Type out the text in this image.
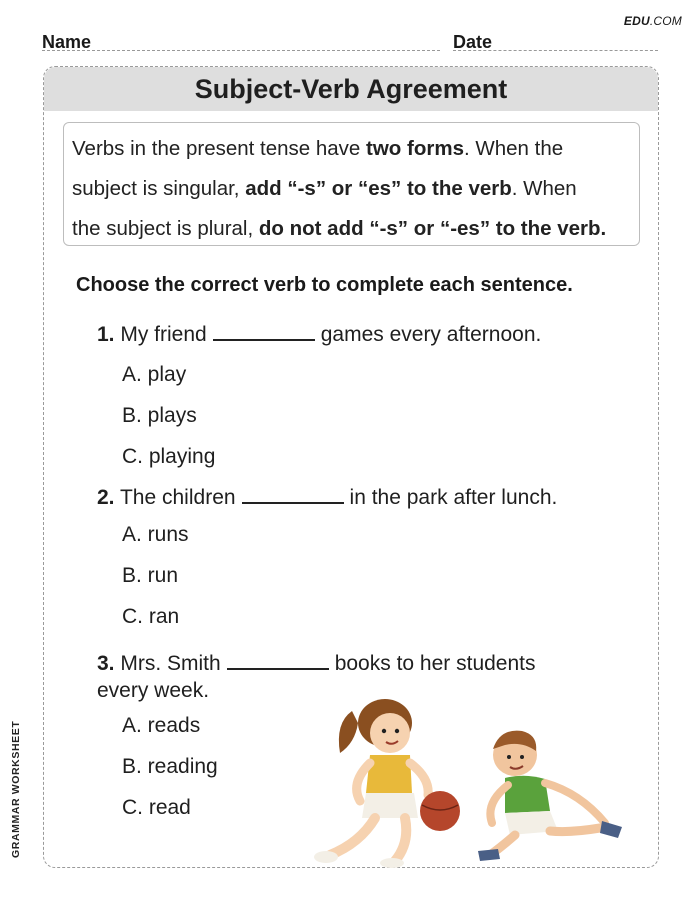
EDU.COM
Name	Date
Subject-Verb Agreement
Verbs in the present tense have two forms. When the
subject is singular, add “-s” or “es” to the verb. When
the subject is plural, do not add “-s” or “-es” to the verb.
Choose the correct verb to complete each sentence.
1. My friend	games every afternoon.
A. play
B. plays
C. playing
2. The children	in the park after lunch.
A. runs
B. run
C. ran
3. Mrs. Smith	books to her students
every week.
A. reads
B. reading
C. read
GRAMMAR WORKSHEET
